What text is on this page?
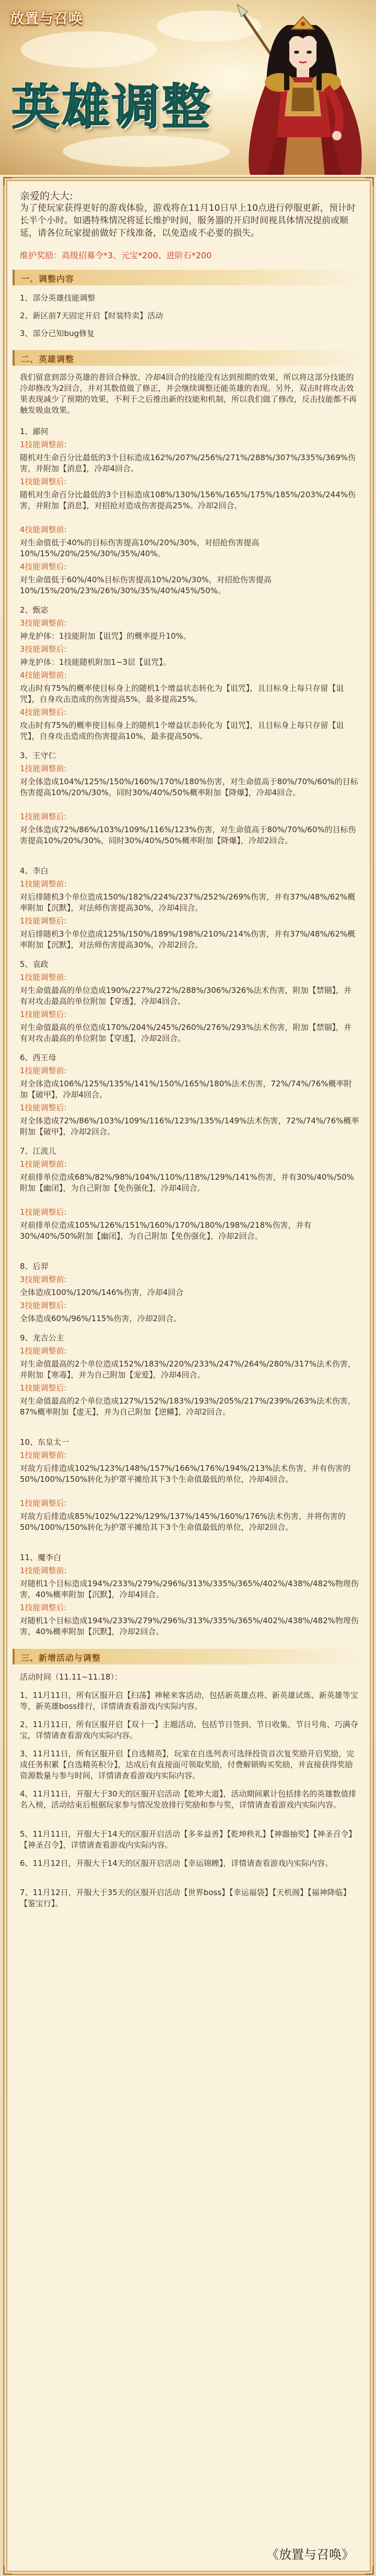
放置与召唤
英雄调整
亲爱的大大:
为了使玩家获得更好的游戏体验，游戏将在11月10日早上10点进行停服更新，预计时长半个小时。如遇特殊情况将延长维护时间，服务器的开启时间视具体情况提前或顺延，请各位玩家提前做好下线准备，以免造成不必要的损失。
维护奖励：高级招募令*3、元宝*200、进阶石*200
一、调整内容
1、部分英雄技能调整
2、新区前7天固定开启【时装特卖】活动
3、部分已知bug修复
二、英雄调整
我们留意到部分英雄的普回合释放、冷却4回合的技能没有达到预期的效果，所以将这部分技能的冷却修改为2回合，并对其数值做了修正，并会继续调整还能英雄的表现。另外，双击时将攻击效果表现减少了预期的效果，不利于之后推出新的技能和机制，所以我们做了修改，反击技能都不再触发吸血效果。
1、鄙何
1技能调整前:
随机对生命百分比最低的3个目标造成162%/207%/256%/271%/288%/307%/335%/369%伤害，并附加【消息】，冷却4回合。
1技能调整后:
随机对生命百分比最低的3个目标造成108%/130%/156%/165%/175%/185%/203%/244%伤害，并附加【消息】，对招抢对造成伤害提高25%。冷却2回合。
4技能调整前:
对生命值低于40%的目标伤害提高10%/20%/30%，对招抢伤害提高10%/15%/20%/25%/30%/35%/40%。
4技能调整后:
对生命值低于60%/40%目标伤害提高10%/20%/30%，对招抢伤害提高10%/15%/20%/23%/26%/30%/35%/40%/45%/50%。
2、甄宓
3技能调整前:
神龙护体：1技能附加【诅咒】的概率提升10%。
3技能调整后:
神龙护体：1技能随机附加1~3层【诅咒】。
4技能调整前:
攻击时有75%的概率使目标身上的随机1个增益状态转化为【诅咒】，且目标身上每只存留【诅咒】，自身攻击造成的伤害提高5%，最多提高25%。
4技能调整后:
攻击时有75%的概率使目标身上的随机1个增益状态转化为【诅咒】，且目标身上每只存留【诅咒】，自身攻击造成的伤害提高10%，最多提高50%。
3、王守仁
1技能调整前:
对全体造成104%/125%/150%/160%/170%/180%伤害，对生命值高于80%/70%/60%的目标伤害提高10%/20%/30%，同时30%/40%/50%概率附加【降爆】，冷却4回合。
1技能调整后:
对全体造成72%/86%/103%/109%/116%/123%伤害，对生命值高于80%/70%/60%的目标伤害提高10%/20%/30%，同时30%/40%/50%概率附加【降爆】，冷却2回合。
4、李白
1技能调整前:
对后排随机3个单位造成150%/182%/224%/237%/252%/269%伤害，并有37%/48%/62%概率附加【沉默】，对法师伤害提高30%，冷却4回合。
1技能调整后:
对后排随机3个单位造成125%/150%/189%/198%/210%/214%伤害，并有37%/48%/62%概率附加【沉默】，对法师伤害提高30%，冷却2回合。
5、袁政
1技能调整前:
对生命值最高的单位造成190%/227%/272%/288%/306%/326%法术伤害，附加【禁锢】，并有对攻击最高的单位附加【穿透】，冷却4回合。
1技能调整后:
对生命值最高的单位造成170%/204%/245%/260%/276%/293%法术伤害，附加【禁锢】，并有对攻击最高的单位附加【穿透】，冷却2回合。
6、西王母
1技能调整前:
对全体造成106%/125%/135%/141%/150%/165%/180%法术伤害，72%/74%/76%概率附加【破甲】，冷却4回合。
1技能调整后:
对全体造成72%/86%/103%/109%/116%/123%/135%/149%法术伤害，72%/74%/76%概率附加【破甲】，冷却2回合。
7、江流儿
1技能调整前:
对前排单位造成68%/82%/98%/104%/110%/118%/129%/141%伤害，并有30%/40%/50%附加【幽闭】，为自己附加【免伤强化】，冷却4回合。
1技能调整后:
对前排单位造成105%/126%/151%/160%/170%/180%/198%/218%伤害，并有30%/40%/50%附加【幽闭】，为自己附加【免伤强化】，冷却2回合。
8、后羿
3技能调整前:
全体造成100%/120%/146%伤害，冷却4回合
3技能调整后:
全体造成60%/96%/115%伤害，冷却2回合。
9、龙吉公主
1技能调整前:
对生命值最高的2个单位造成152%/183%/220%/233%/247%/264%/280%/317%法术伤害，并附加【寒毒】，并为自己附加【宠爱】，冷却4回合。
1技能调整后:
对生命值最高的2个单位造成127%/152%/183%/193%/205%/217%/239%/263%法术伤害，87%概率附加【虚无】，并为自己附加【逆鳞】，冷却2回合。
10、东皇太一
1技能调整前:
对敌方后排造成102%/123%/148%/157%/166%/176%/194%/213%法术伤害，并有伤害的50%/100%/150%转化为护罩平摊给其下3个生命值最低的单位，冷却4回合。
1技能调整后:
对敌方后排造成85%/102%/122%/129%/137%/145%/160%/176%法术伤害，并将伤害的50%/100%/150%转化为护罩平摊给其下3个生命值最低的单位，冷却2回合。
11、魔李白
1技能调整前:
对随机1个目标造成194%/233%/279%/296%/313%/335%/365%/402%/438%/482%物理伤害，40%概率附加【沉默】，冷却4回合。
1技能调整后:
对随机1个目标造成194%/233%/279%/296%/313%/335%/365%/402%/438%/482%物理伤害，40%概率附加【沉默】，冷却2回合。
三、新增活动与调整
活动时间（11.11~11.18）：
1、11月11日，所有区服开启【扫荡】神秘来客活动，包括新英雄点将、新英雄试炼、新英雄等宝等，新英雄boss排行，详情请查看游戏内实际内容。
2、11月11日，所有区服开启【双十一】主题活动，包括节日签到、节日收集、节日号角、巧满夺宝，详情请查看游戏内实际内容。
3、11月11日，所有区服开启【自选精英】，玩家在自选列表可选择投资首次复奖励开启奖励，完成任务积累【自选精英积分】，达成后有直接面可领取奖励，付费解锁购买奖励，并直接获得奖励资源数量与参与时间，详情请查看游戏内实际内容。
4、11月11日，开服大于30天的区服开启活动【乾坤大道】，活动期间累计包括排名的英雄数值排名入榜，活动结束后根据玩家参与情况发放排行奖励和参与奖，详情请查看游戏内实际内容。
5、11月11日，开服大于14天的区服开启活动【多多益善】【乾坤秩礼】【神器抽奖】【神圣召令】【神圣召令】，详情请查看游戏内实际内容。
6、11月12日，开服大于14天的区服开启活动【幸运锦鲤】，详情请查看游戏内实际内容。
7、11月12日，开服大于35天的区服开启活动【世界boss】【幸运福袋】【天机阁】【福神降临】【鉴宝行】。
《放置与召唤》
